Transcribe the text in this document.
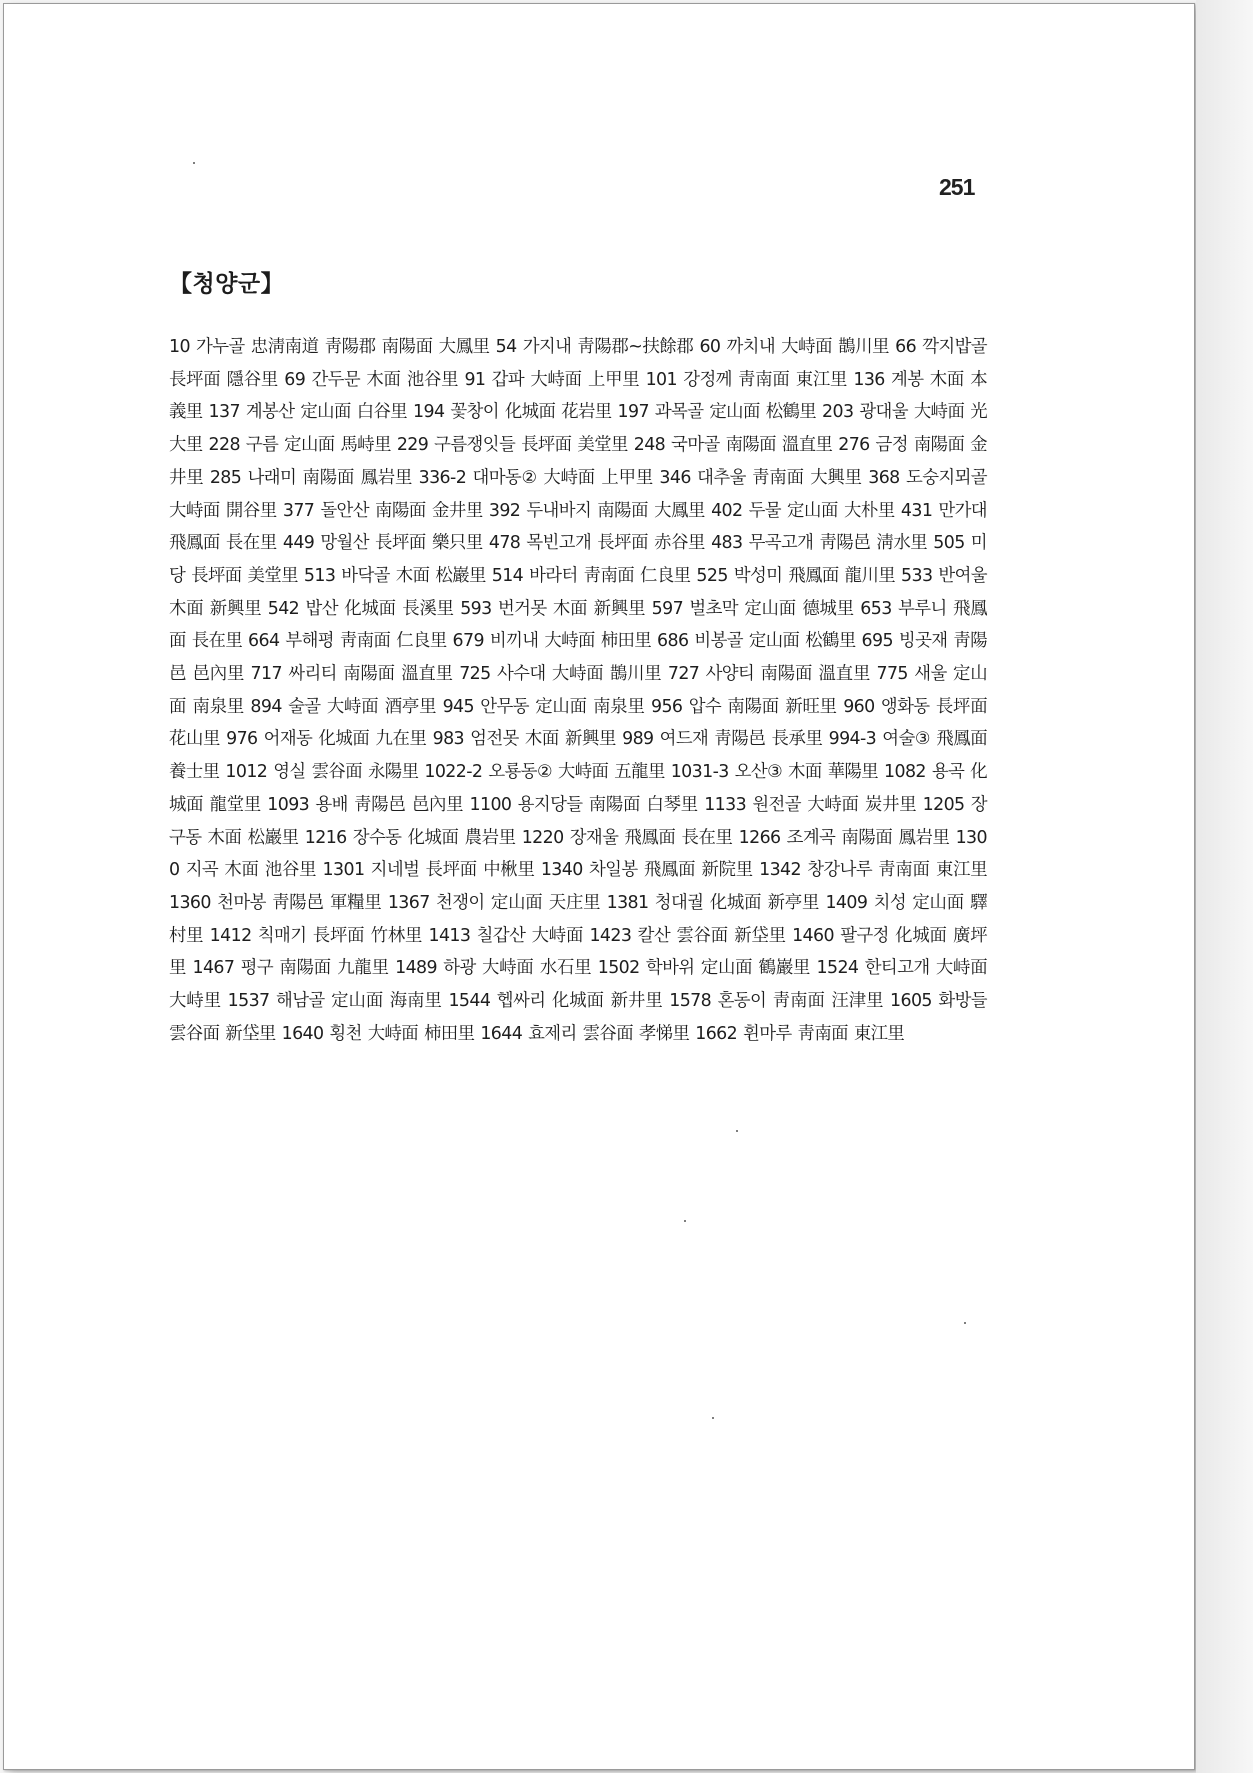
251
【청양군】
10 가누골 忠淸南道 靑陽郡 南陽面 大鳳里 54 가지내 靑陽郡~扶餘郡 60 까치내 大峙面 鵲川里 66 깍지밥골 長坪面 隱谷里 69 간두문 木面 池谷里 91 갑파 大峙面 上甲里 101 강정께 靑南面 東江里 136 계봉 木面 本義里 137 계봉산 定山面 白谷里 194 꽃창이 化城面 花岩里 197 과목골 定山面 松鶴里 203 광대울 大峙面 光大里 228 구름 定山面 馬峙里 229 구름쟁잇들 長坪面 美堂里 248 국마골 南陽面 溫直里 276 금정 南陽面 金井里 285 나래미 南陽面 鳳岩里 336-2 대마동② 大峙面 上甲里 346 대추울 靑南面 大興里 368 도숭지뫼골 大峙面 開谷里 377 돌안산 南陽面 金井里 392 두내바지 南陽面 大鳳里 402 두물 定山面 大朴里 431 만가대 飛鳳面 長在里 449 망월산 長坪面 樂只里 478 목빈고개 長坪面 赤谷里 483 무곡고개 靑陽邑 淸水里 505 미당 長坪面 美堂里 513 바닥골 木面 松巖里 514 바라터 靑南面 仁良里 525 박성미 飛鳳面 龍川里 533 반여울 木面 新興里 542 밥산 化城面 長溪里 593 번거못 木面 新興里 597 벌초막 定山面 德城里 653 부루니 飛鳳面 長在里 664 부해평 靑南面 仁良里 679 비끼내 大峙面 柿田里 686 비봉골 定山面 松鶴里 695 빙곳재 靑陽邑 邑內里 717 싸리티 南陽面 溫直里 725 사수대 大峙面 鵲川里 727 사양티 南陽面 溫直里 775 새울 定山面 南泉里 894 술골 大峙面 酒亭里 945 안무동 定山面 南泉里 956 압수 南陽面 新旺里 960 앵화동 長坪面 花山里 976 어재동 化城面 九在里 983 엄전못 木面 新興里 989 여드재 靑陽邑 長承里 994-3 여술③ 飛鳳面 養士里 1012 영실 雲谷面 永陽里 1022-2 오룡동② 大峙面 五龍里 1031-3 오산③ 木面 華陽里 1082 용곡 化城面 龍堂里 1093 용배 靑陽邑 邑內里 1100 용지당들 南陽面 白琴里 1133 원전골 大峙面 炭井里 1205 장구동 木面 松巖里 1216 장수동 化城面 農岩里 1220 장재울 飛鳳面 長在里 1266 조계곡 南陽面 鳳岩里 1300 지곡 木面 池谷里 1301 지네벌 長坪面 中楸里 1340 차일봉 飛鳳面 新院里 1342 창강나루 靑南面 東江里 1360 천마봉 靑陽邑 軍糧里 1367 천쟁이 定山面 天庄里 1381 청대궐 化城面 新亭里 1409 치성 定山面 驛村里 1412 칙매기 長坪面 竹林里 1413 칠갑산 大峙面 1423 칼산 雲谷面 新垈里 1460 팔구정 化城面 廣坪里 1467 평구 南陽面 九龍里 1489 하광 大峙面 水石里 1502 학바위 定山面 鶴巖里 1524 한티고개 大峙面 大峙里 1537 해남골 定山面 海南里 1544 헵싸리 化城面 新井里 1578 혼동이 靑南面 汪津里 1605 화방들 雲谷面 新垈里 1640 횡천 大峙面 柿田里 1644 효제리 雲谷面 孝悌里 1662 휜마루 靑南面 東江里
